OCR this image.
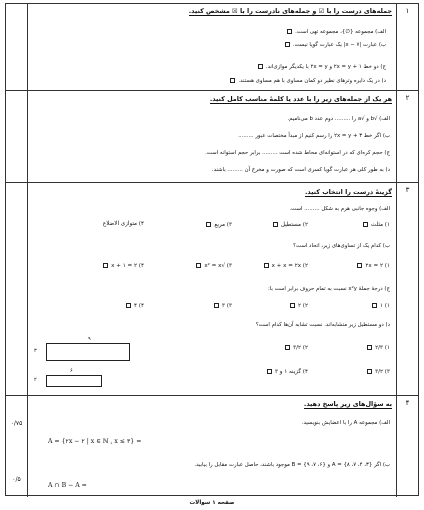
۱
جمله‌های درست را با ☑ و جمله‌های نادرست را با ☒ مشخص کنید.
الف) مجموعه {∅}، مجموعه تهی است.
ب) عبارت |x − ۷| یک عبارت گویا نیست.
ج) دو خط ۱ + ۲x = y و ۲x = y با یکدیگر موازی‌اند.
د) در یک دایره وترهای نظیر دو کمان مساوی با هم مساوی هستند.
۲
هر یک از جمله‌های زیر را با عدد یا کلمهٔ مناسب کامل کنید.
الف) √b و √a را ......... دوم عدد b می‌نامیم.
ب) اگر خط ۳ + ۲x = y را رسم کنیم از مبدأ مختصات عبور .........
ج) حجم کره‌ای که در استوانه‌ای محاط شده است ......... برابر حجم استوانه است.
د) به طور کلی هر عبارت گویا کسری است که صورت و مخرج آن ......... باشند.
۳
گزینهٔ درست را انتخاب کنید.
الف) وجوه جانبی هرم به شکل ......... است.
۱) مثلث
۲) مستطیل
۳) مربع
۴) متوازی الاضلاع
ب) کدام یک از تساوی‌های زیر، اتحاد است؟
۱) ۲ = ۲x
۲) x + x = ۲x
۳) √x² = x
۴) ۲ = ۱ + x
ج) درجهٔ جملهٔ x²y نسبت به تمام حروف برابر است با:
۱) ۱
۲) ۲
۳) ۳
۴) ۴
د) دو مستطیل زیر متشابه‌اند. نسبت تشابه آن‌ها کدام است؟
۱) ۲/۳
۲) ۳/۲
۳) ۳/۲
۴) گزینه ۱ و ۳
۹
۳
۶
۲
۴
۰/۷۵
۰/۵
به سؤال‌های زیر پاسخ دهید.
الف) مجموعه A را با اعضایش بنویسید.
A = {۲x − ۲ | x ∈ ℕ , x ≤ ۳} =
ب) اگر {۳، ۴، ۷، ۸} = A و {۶، ۷، ۹} = B موجود باشند، حاصل عبارت مقابل را بیابید.
A ∩ B − A =
صفحه ۱ سوالات
